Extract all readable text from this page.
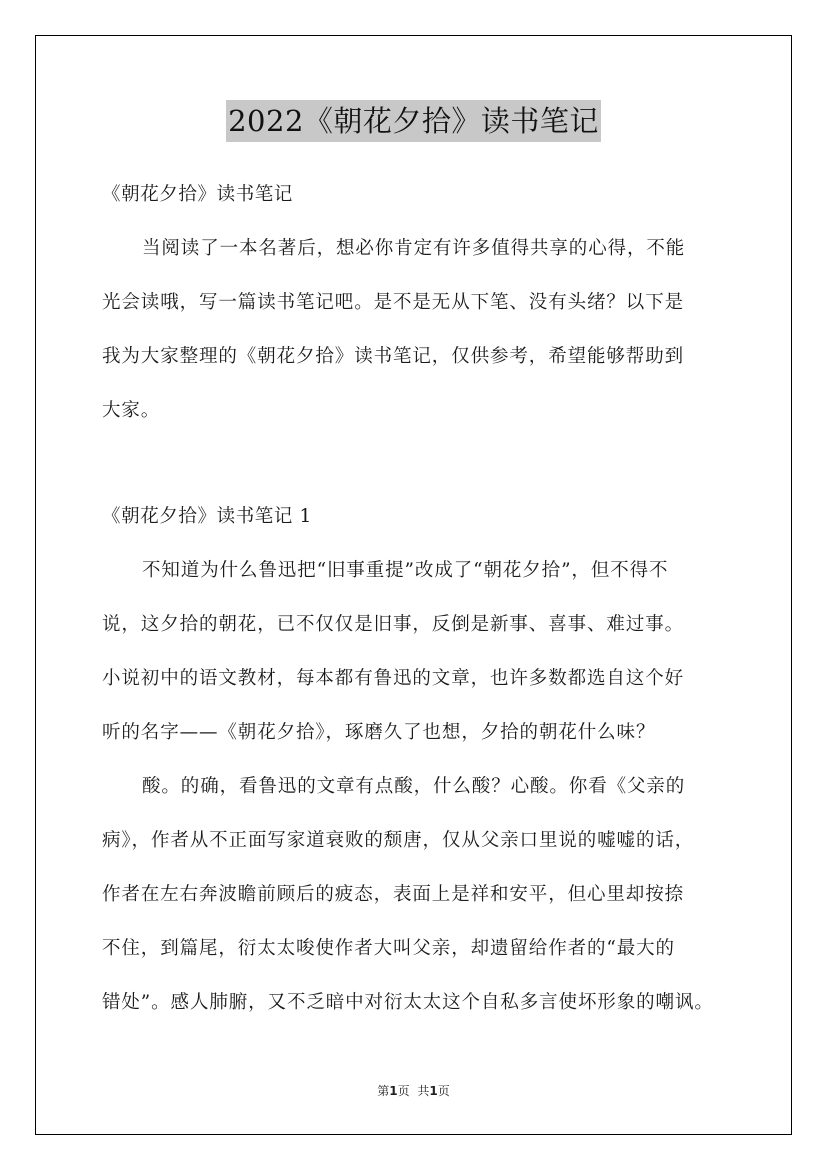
2022《朝花夕拾》读书笔记
《朝花夕拾》读书笔记
当阅读了一本名著后，想必你肯定有许多值得共享的心得，不能
光会读哦，写一篇读书笔记吧。是不是无从下笔、没有头绪？以下是
我为大家整理的《朝花夕拾》读书笔记，仅供参考，希望能够帮助到
大家。
《朝花夕拾》读书笔记 1
不知道为什么鲁迅把“旧事重提”改成了“朝花夕拾”，但不得不
说，这夕拾的朝花，已不仅仅是旧事，反倒是新事、喜事、难过事。
小说初中的语文教材，每本都有鲁迅的文章，也许多数都选自这个好
听的名字——《朝花夕拾》，琢磨久了也想，夕拾的朝花什么味？
酸。的确，看鲁迅的文章有点酸，什么酸？心酸。你看《父亲的
病》，作者从不正面写家道衰败的颓唐，仅从父亲口里说的嘘嘘的话，
作者在左右奔波瞻前顾后的疲态，表面上是祥和安平，但心里却按捺
不住，到篇尾，衍太太唆使作者大叫父亲，却遗留给作者的“最大的
错处”。感人肺腑，又不乏暗中对衍太太这个自私多言使坏形象的嘲讽。
第1页 共1页
